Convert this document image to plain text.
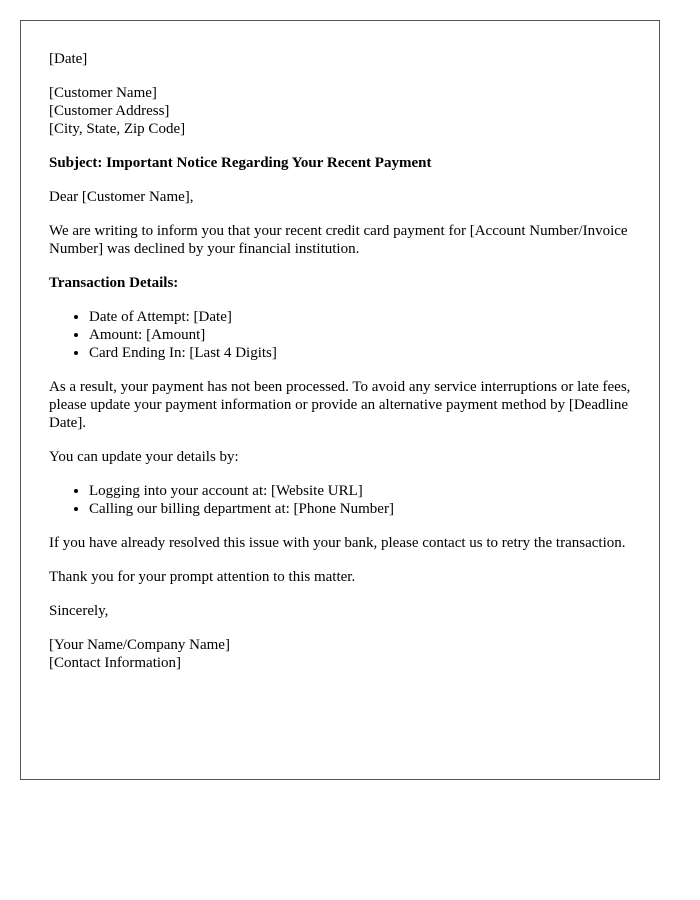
[Date]

[Customer Name]
[Customer Address]
[City, State, Zip Code]

Subject: Important Notice Regarding Your Recent Payment

Dear [Customer Name],

We are writing to inform you that your recent credit card payment for [Account Number/Invoice Number] was declined by your financial institution.

Transaction Details:

• Date of Attempt: [Date]
• Amount: [Amount]
• Card Ending In: [Last 4 Digits]

As a result, your payment has not been processed. To avoid any service interruptions or late fees, please update your payment information or provide an alternative payment method by [Deadline Date].

You can update your details by:

• Logging into your account at: [Website URL]
• Calling our billing department at: [Phone Number]

If you have already resolved this issue with your bank, please contact us to retry the transaction.

Thank you for your prompt attention to this matter.

Sincerely,

[Your Name/Company Name]
[Contact Information]
